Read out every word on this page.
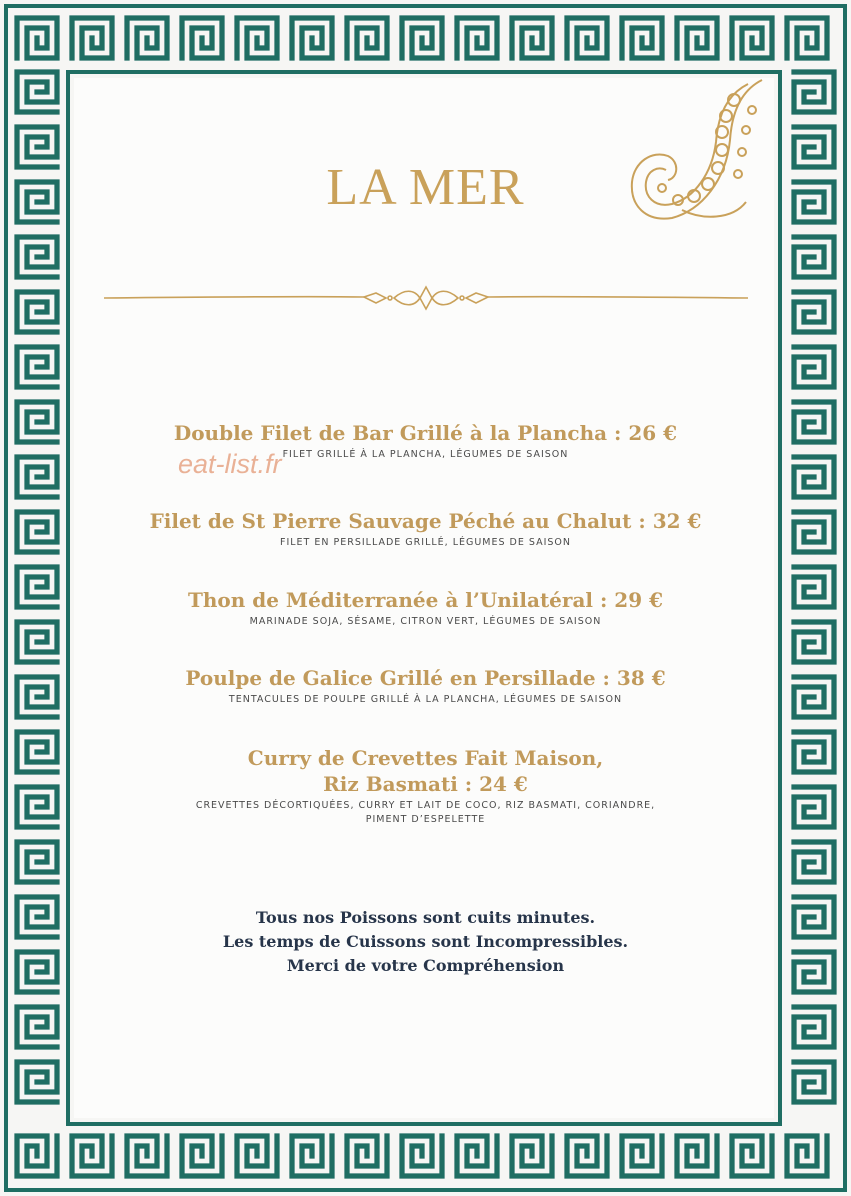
LA MER
eat-list.fr
Double Filet de Bar Grillé à la Plancha : 26 €
FILET GRILLÉ À LA PLANCHA, LÉGUMES DE SAISON
Filet de St Pierre Sauvage Péché au Chalut : 32 €
FILET EN PERSILLADE GRILLÉ, LÉGUMES DE SAISON
Thon de Méditerranée à l’Unilatéral : 29 €
MARINADE SOJA, SÉSAME, CITRON VERT, LÉGUMES DE SAISON
Poulpe de Galice Grillé en Persillade : 38 €
TENTACULES DE POULPE GRILLÉ À LA PLANCHA, LÉGUMES DE SAISON
Curry de Crevettes Fait Maison,
Riz Basmati : 24 €
CREVETTES DÉCORTIQUÉES, CURRY ET LAIT DE COCO, RIZ BASMATI, CORIANDRE,
PIMENT D’ESPELETTE
Tous nos Poissons sont cuits minutes.
Les temps de Cuissons sont Incompressibles.
Merci de votre Compréhension
